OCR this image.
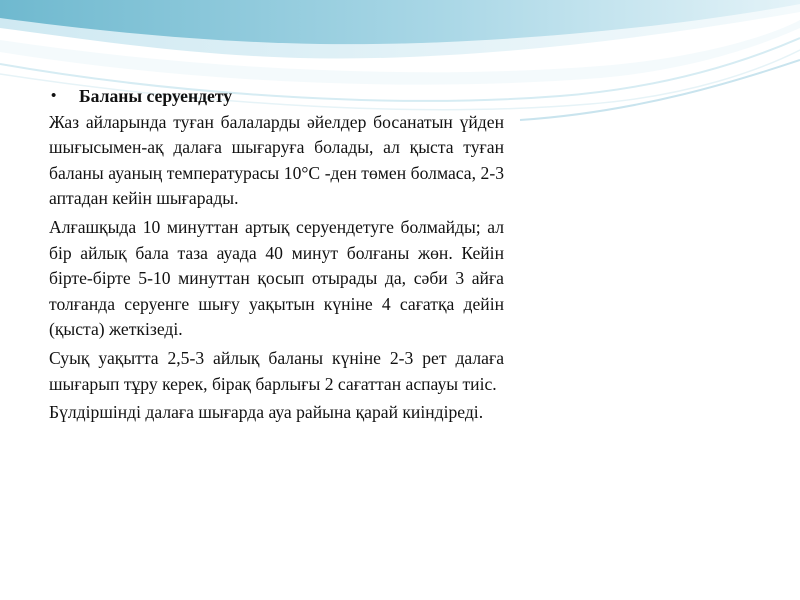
• Баланы серуендету

Жаз айларында туған балаларды әйелдер босанатын үйден шығысымен-ақ далаға шығаруға болады, ал қыста туған баланы ауаның температурасы 10°С -ден төмен болмаса, 2-3 аптадан кейін шығарады.

Алғашқыда 10 минуттан артық серуендетуге болмайды; ал бір айлық бала таза ауада 40 минут болғаны жөн. Кейін бірте-бірте 5-10 минуттан қосып отырады да, сәби 3 айға толғанда серуенге шығу уақытын күніне 4 сағатқа дейін (қыста) жеткізеді.

Суық уақытта 2,5-3 айлық баланы күніне 2-3 рет далаға шығарып тұру керек, бірақ барлығы 2 сағаттан аспауы тиіс.

Бүлдіршінді далаға шығарда ауа райына қарай киіндіреді.
